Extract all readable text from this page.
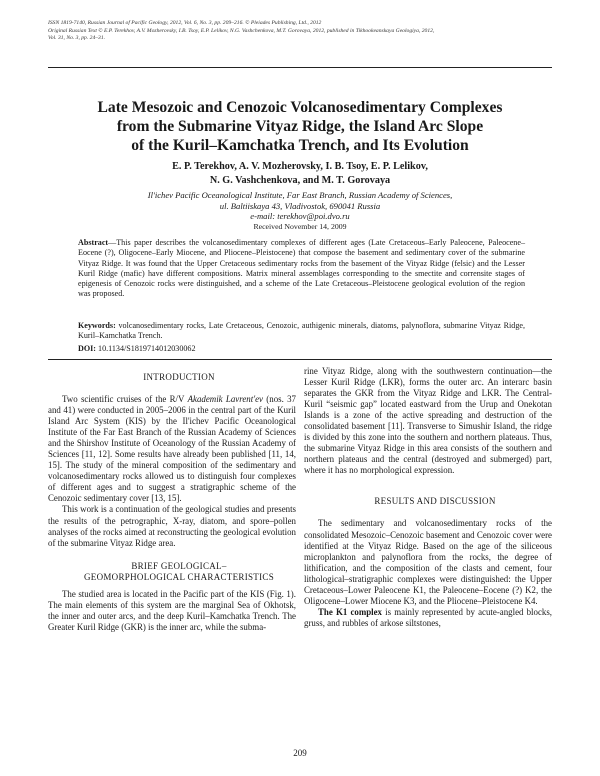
ISSN 1819-7140, Russian Journal of Pacific Geology, 2012, Vol. 6, No. 3, pp. 209–216. © Pleiades Publishing, Ltd., 2012
Original Russian Text © E.P. Terekhov, A.V. Mozherovsky, I.B. Tsoy, E.P. Lelikov, N.G. Vashchenkova, M.T. Gorovaya, 2012, published in Tikhookeanskaya Geologiya, 2012,
Vol. 31, No. 3, pp. 24–31.
Late Mesozoic and Cenozoic Volcanosedimentary Complexes
from the Submarine Vityaz Ridge, the Island Arc Slope
of the Kuril–Kamchatka Trench, and Its Evolution
E. P. Terekhov, A. V. Mozherovsky, I. B. Tsoy, E. P. Lelikov,
N. G. Vashchenkova, and M. T. Gorovaya
Il'ichev Pacific Oceanological Institute, Far East Branch, Russian Academy of Sciences,
ul. Baltiiskaya 43, Vladivostok, 690041 Russia
e-mail: terekhov@poi.dvo.ru
Received November 14, 2009
Abstract—This paper describes the volcanosedimentary complexes of different ages (Late Cretaceous–Early Paleocene, Paleocene–Eocene (?), Oligocene–Early Miocene, and Pliocene–Pleistocene) that compose the basement and sedimentary cover of the submarine Vityaz Ridge. It was found that the Upper Cretaceous sedimentary rocks from the basement of the Vityaz Ridge (felsic) and the Lesser Kuril Ridge (mafic) have different compositions. Matrix mineral assemblages corresponding to the smectite and corrensite stages of epigenesis of Cenozoic rocks were distinguished, and a scheme of the Late Cretaceous–Pleistocene geological evolution of the region was proposed.
Keywords: volcanosedimentary rocks, Late Cretaceous, Cenozoic, authigenic minerals, diatoms, palynoflora, submarine Vityaz Ridge, Kuril–Kamchatka Trench.
DOI: 10.1134/S1819714012030062

INTRODUCTION

Two scientific cruises of the R/V Akademik Lavrent'ev (nos. 37 and 41) were conducted in 2005–2006 in the central part of the Kuril Island Arc System (KIS) by the Il'ichev Pacific Oceanological Institute of the Far East Branch of the Russian Academy of Sciences and the Shirshov Institute of Oceanology of the Russian Academy of Sciences [11, 12]. Some results have already been published [11, 14, 15]. The study of the mineral composition of the sedimentary and volcanosedimentary rocks allowed us to distinguish four complexes of different ages and to suggest a stratigraphic scheme of the Cenozoic sedimentary cover [13, 15].

This work is a continuation of the geological studies and presents the results of the petrographic, X-ray, diatom, and spore–pollen analyses of the rocks aimed at reconstructing the geological evolution of the submarine Vityaz Ridge area.

BRIEF GEOLOGICAL–

GEOMORPHOLOGICAL CHARACTERISTICS

The studied area is located in the Pacific part of the KIS (Fig. 1). The main elements of this system are the marginal Sea of Okhotsk, the inner and outer arcs, and the deep Kuril–Kamchatka Trench. The Greater Kuril Ridge (GKR) is the inner arc, while the subma-

rine Vityaz Ridge, along with the southwestern continuation—the Lesser Kuril Ridge (LKR), forms the outer arc. An interarc basin separates the GKR from the Vityaz Ridge and LKR. The Central-Kuril “seismic gap” located eastward from the Urup and Onekotan Islands is a zone of the active spreading and destruction of the consolidated basement [11]. Transverse to Simushir Island, the ridge is divided by this zone into the southern and northern plateaus. Thus, the submarine Vityaz Ridge in this area consists of the southern and northern plateaus and the central (destroyed and submerged) part, where it has no morphological expression.

RESULTS AND DISCUSSION

The sedimentary and volcanosedimentary rocks of the consolidated Mesozoic–Cenozoic basement and Cenozoic cover were identified at the Vityaz Ridge. Based on the age of the siliceous microplankton and palynoflora from the rocks, the degree of lithification, and the composition of the clasts and cement, four lithological–stratigraphic complexes were distinguished: the Upper Cretaceous–Lower Paleocene K1, the Paleocene–Eocene (?) K2, the Oligocene–Lower Miocene K3, and the Pliocene–Pleistocene K4.

The K1 complex is mainly represented by acute-angled blocks, gruss, and rubbles of arkose siltstones,

209
